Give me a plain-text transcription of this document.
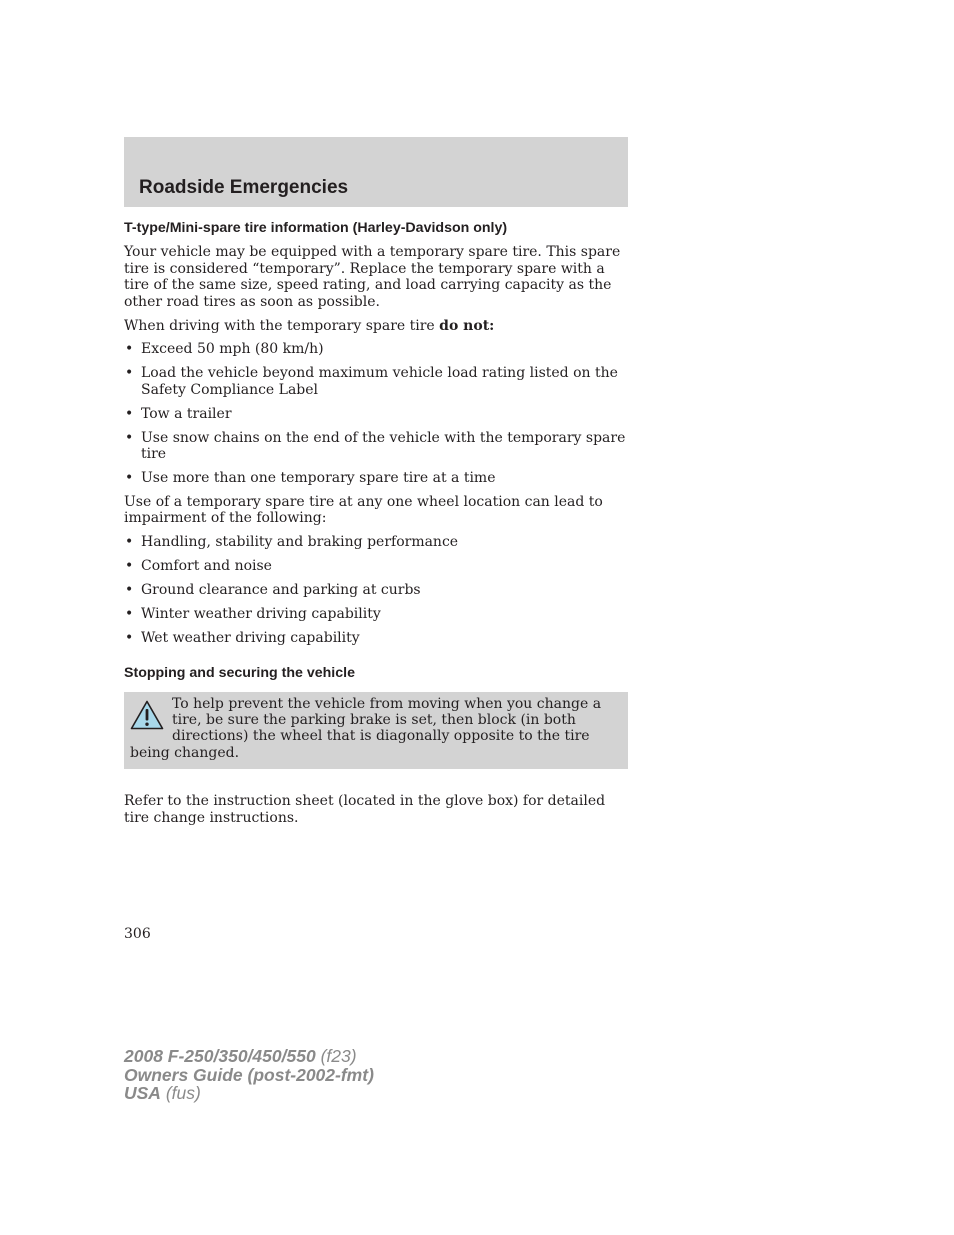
Roadside Emergencies
T-type/Mini-spare tire information (Harley-Davidson only)

Your vehicle may be equipped with a temporary spare tire. This spare tire is considered “temporary”. Replace the temporary spare with a tire of the same size, speed rating, and load carrying capacity as the other road tires as soon as possible.

When driving with the temporary spare tire do not:

• Exceed 50 mph (80 km/h)
• Load the vehicle beyond maximum vehicle load rating listed on the Safety Compliance Label
• Tow a trailer
• Use snow chains on the end of the vehicle with the temporary spare tire
• Use more than one temporary spare tire at a time

Use of a temporary spare tire at any one wheel location can lead to impairment of the following:

• Handling, stability and braking performance
• Comfort and noise
• Ground clearance and parking at curbs
• Winter weather driving capability
• Wet weather driving capability
Stopping and securing the vehicle
To help prevent the vehicle from moving when you change a tire, be sure the parking brake is set, then block (in both directions) the wheel that is diagonally opposite to the tire being changed.

Refer to the instruction sheet (located in the glove box) for detailed tire change instructions.

306
2008 F-250/350/450/550 (f23)
Owners Guide (post-2002-fmt)
USA (fus)
